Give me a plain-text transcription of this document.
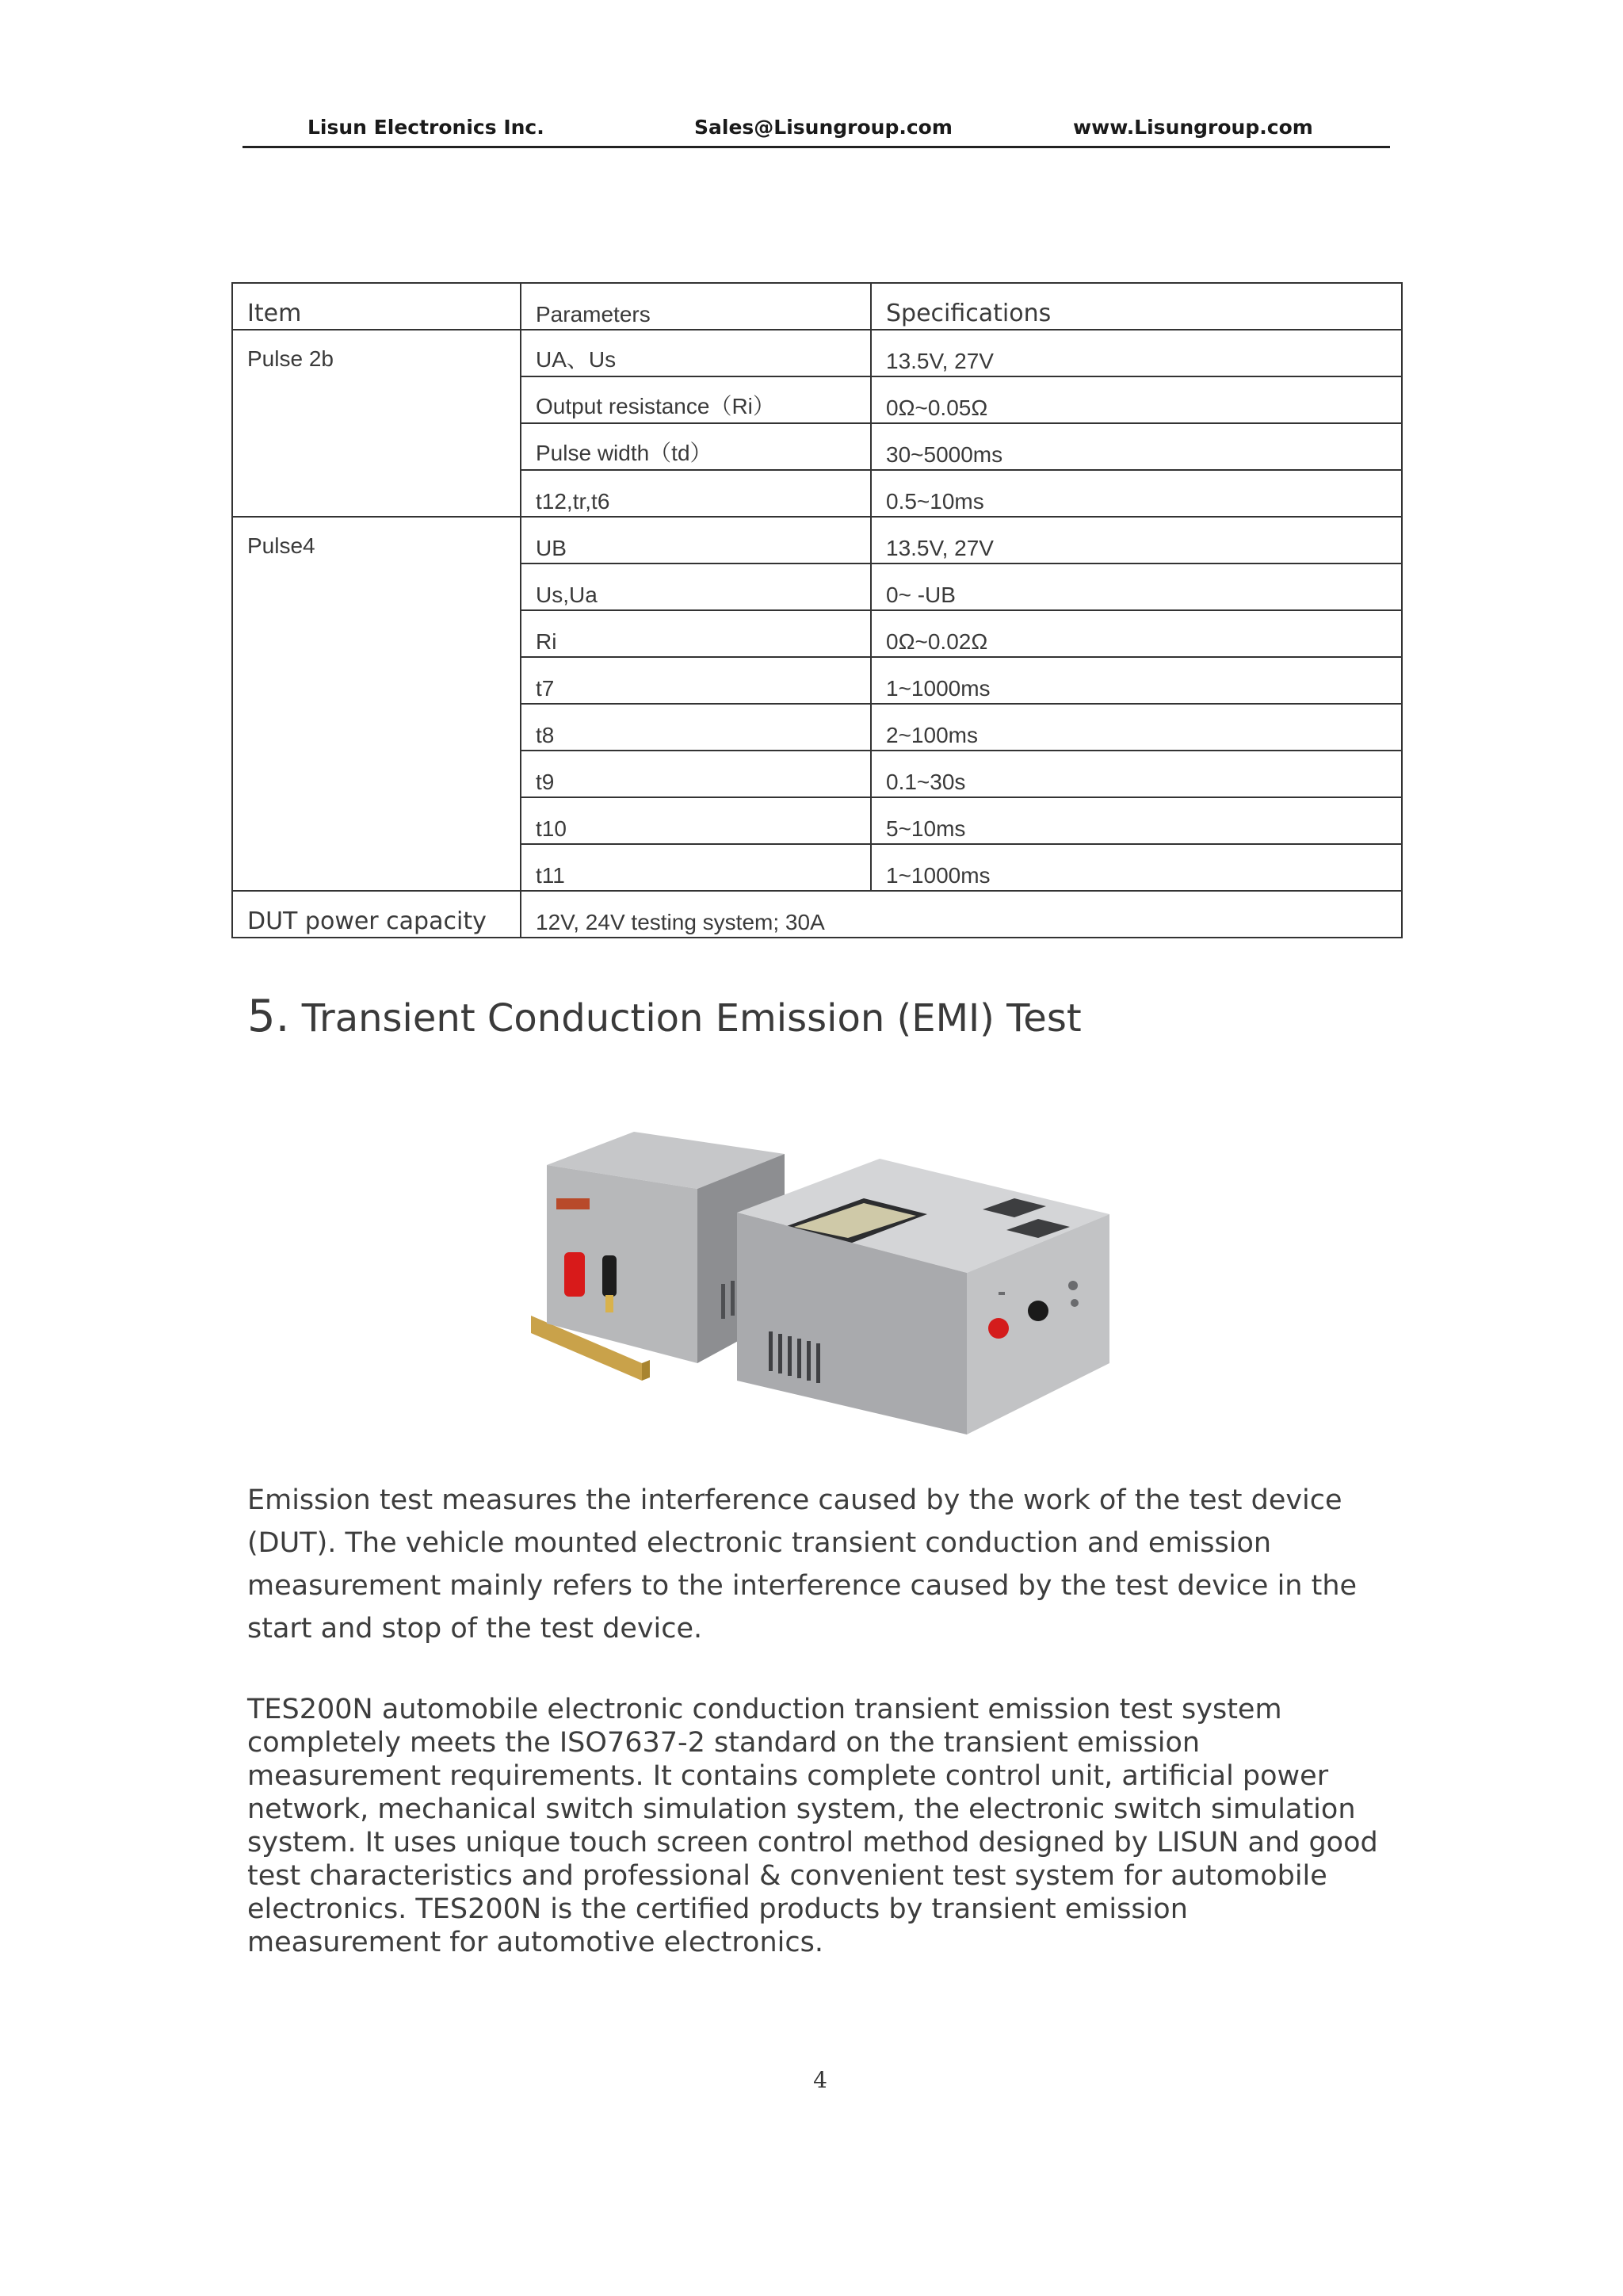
Lisun Electronics Inc.	Sales@Lisungroup.com	www.Lisungroup.com
Item	Parameters	Specifications
Pulse 2b	UA、Us	13.5V, 27V
	Output resistance（Ri）	0Ω~0.05Ω
	Pulse width（td）	30~5000ms
	t12,tr,t6	0.5~10ms
Pulse4	UB	13.5V, 27V
	Us,Ua	0~ -UB
	Ri	0Ω~0.02Ω
	t7	1~1000ms
	t8	2~100ms
	t9	0.1~30s
	t10	5~10ms
	t11	1~1000ms
DUT power capacity	12V, 24V testing system; 30A	
5. Transient Conduction Emission (EMI) Test

Emission test measures the interference caused by the work of the test device (DUT). The vehicle mounted electronic transient conduction and emission measurement mainly refers to the interference caused by the test device in the start and stop of the test device.

TES200N automobile electronic conduction transient emission test system completely meets the ISO7637-2 standard on the transient emission measurement requirements. It contains complete control unit, artificial power network, mechanical switch simulation system, the electronic switch simulation system. It uses unique touch screen control method designed by LISUN and good test characteristics and professional & convenient test system for automobile electronics. TES200N is the certified products by transient emission measurement for automotive electronics.

4
